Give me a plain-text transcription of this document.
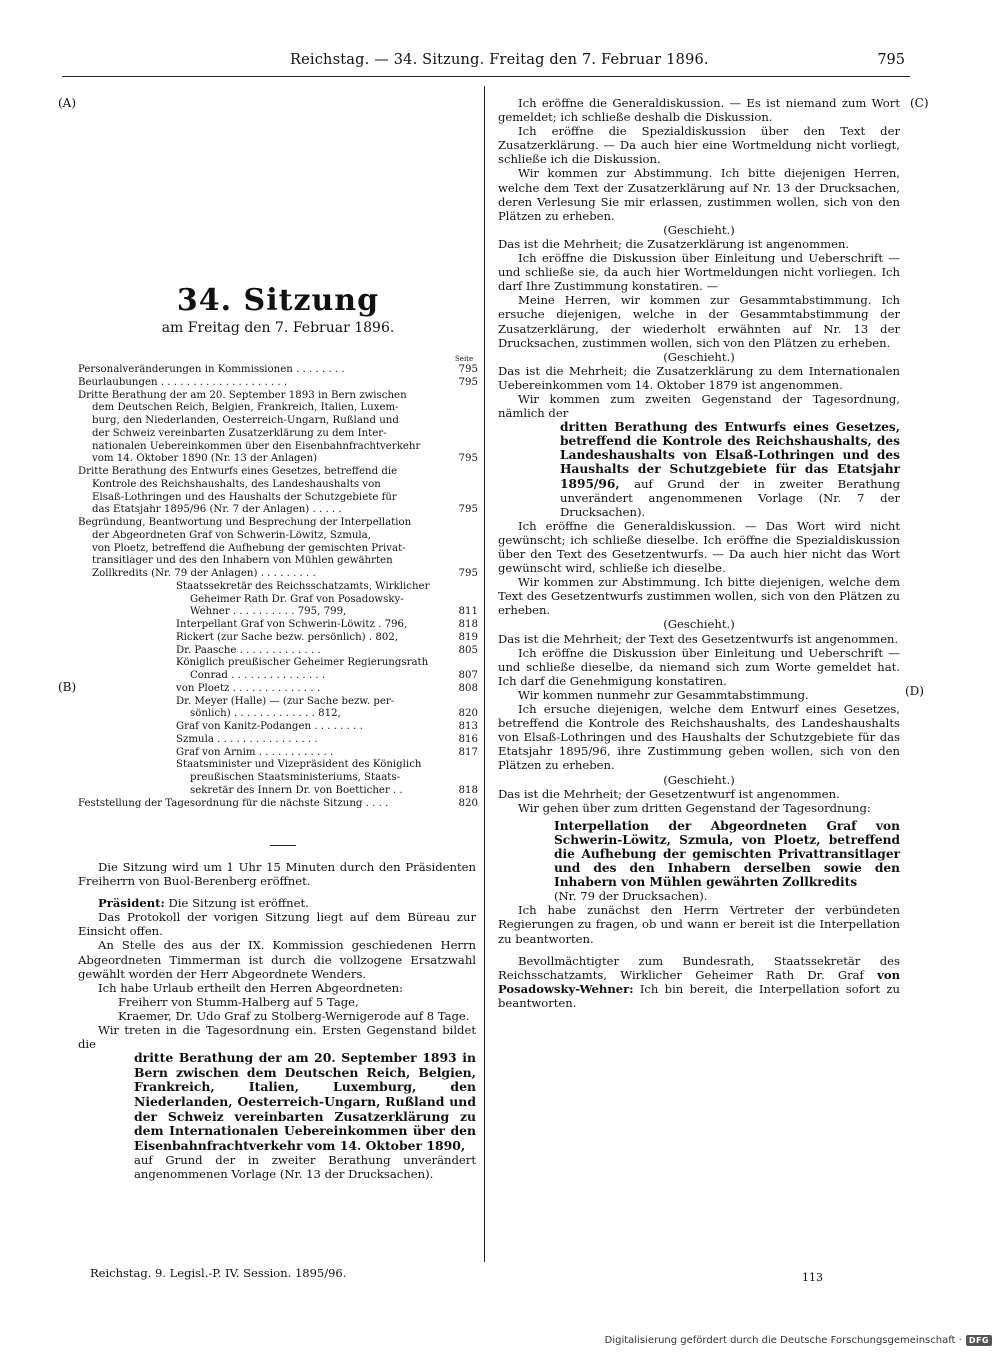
Reichstag. — 34. Sitzung. Freitag den 7. Februar 1896.	795
(A)
(B)
(C)
(D)
34. Sitzung
am Freitag den 7. Februar 1896.
Seite
Personalveränderungen in Kommissionen . . . . . . . .	795
Beurlaubungen . . . . . . . . . . . . . . . . . . . .	795
Dritte Berathung der am 20. September 1893 in Bern zwischen
dem Deutschen Reich, Belgien, Frankreich, Italien, Luxem-
burg, den Niederlanden, Oesterreich-Ungarn, Rußland und
der Schweiz vereinbarten Zusatzerklärung zu dem Inter-
nationalen Uebereinkommen über den Eisenbahnfrachtverkehr
vom 14. Oktober 1890 (Nr. 13 der Anlagen)	795
Dritte Berathung des Entwurfs eines Gesetzes, betreffend die
Kontrole des Reichshaushalts, des Landeshaushalts von
Elsaß-Lothringen und des Haushalts der Schutzgebiete für
das Etatsjahr 1895/96 (Nr. 7 der Anlagen) . . . . .	795
Begründung, Beantwortung und Besprechung der Interpellation
der Abgeordneten Graf von Schwerin-Löwitz, Szmula,
von Ploetz, betreffend die Aufhebung der gemischten Privat-
transitlager und des den Inhabern von Mühlen gewährten
Zollkredits (Nr. 79 der Anlagen) . . . . . . . . .	795
Staatssekretär des Reichsschatzamts, Wirklicher
Geheimer Rath Dr. Graf von Posadowsky-
Wehner . . . . . . . . . . 795, 799,	811
Interpellant Graf von Schwerin-Löwitz . 796,	818
Rickert (zur Sache bezw. persönlich) . 802,	819
Dr. Paasche . . . . . . . . . . . . .	805
Königlich preußischer Geheimer Regierungsrath
Conrad . . . . . . . . . . . . . . .	807
von Ploetz . . . . . . . . . . . . . .	808
Dr. Meyer (Halle) — (zur Sache bezw. per-
sönlich) . . . . . . . . . . . . . 812,	820
Graf von Kanitz-Podangen . . . . . . . .	813
Szmula . . . . . . . . . . . . . . . .	816
Graf von Arnim . . . . . . . . . . . .	817
Staatsminister und Vizepräsident des Königlich
preußischen Staatsministeriums, Staats-
sekretär des Innern Dr. von Boetticher . .	818
Feststellung der Tagesordnung für die nächste Sitzung . . . .	820

Die Sitzung wird um 1 Uhr 15 Minuten durch den Präsidenten Freiherrn von Buol-Berenberg eröffnet.

Präsident: Die Sitzung ist eröffnet.

Das Protokoll der vorigen Sitzung liegt auf dem Büreau zur Einsicht offen.

An Stelle des aus der IX. Kommission geschiedenen Herrn Abgeordneten Timmerman ist durch die vollzogene Ersatzwahl gewählt worden der Herr Abgeordnete Wenders.

Ich habe Urlaub ertheilt den Herren Abgeordneten:

Freiherr von Stumm-Halberg auf 5 Tage,

Kraemer, Dr. Udo Graf zu Stolberg-Wernigerode auf 8 Tage.

Wir treten in die Tagesordnung ein. Ersten Gegenstand bildet die

dritte Berathung der am 20. September 1893 in Bern zwischen dem Deutschen Reich, Belgien, Frankreich, Italien, Luxemburg, den Niederlanden, Oesterreich-Ungarn, Rußland und der Schweiz vereinbarten Zusatzerklärung zu dem Internationalen Uebereinkommen über den Eisenbahnfrachtverkehr vom 14. Oktober 1890,

auf Grund der in zweiter Berathung unverändert angenommenen Vorlage (Nr. 13 der Drucksachen).

Reichstag. 9. Legisl.-P. IV. Session. 1895/96.

Ich eröffne die Generaldiskussion. — Es ist niemand zum Wort gemeldet; ich schließe deshalb die Diskussion.

Ich eröffne die Spezialdiskussion über den Text der Zusatzerklärung. — Da auch hier eine Wortmeldung nicht vorliegt, schließe ich die Diskussion.

Wir kommen zur Abstimmung. Ich bitte diejenigen Herren, welche dem Text der Zusatzerklärung auf Nr. 13 der Drucksachen, deren Verlesung Sie mir erlassen, zustimmen wollen, sich von den Plätzen zu erheben.

(Geschieht.)

Das ist die Mehrheit; die Zusatzerklärung ist angenommen.

Ich eröffne die Diskussion über Einleitung und Ueberschrift — und schließe sie, da auch hier Wortmeldungen nicht vorliegen. Ich darf Ihre Zustimmung konstatiren. —

Meine Herren, wir kommen zur Gesammtabstimmung. Ich ersuche diejenigen, welche in der Gesammtabstimmung der Zusatzerklärung, der wiederholt erwähnten auf Nr. 13 der Drucksachen, zustimmen wollen, sich von den Plätzen zu erheben.

(Geschieht.)

Das ist die Mehrheit; die Zusatzerklärung zu dem Internationalen Uebereinkommen vom 14. Oktober 1879 ist angenommen.

Wir kommen zum zweiten Gegenstand der Tagesordnung, nämlich der

dritten Berathung des Entwurfs eines Gesetzes, betreffend die Kontrole des Reichshaushalts, des Landeshaushalts von Elsaß-Lothringen und des Haushalts der Schutzgebiete für das Etatsjahr 1895/96, auf Grund der in zweiter Berathung unverändert angenommenen Vorlage (Nr. 7 der Drucksachen).

Ich eröffne die Generaldiskussion. — Das Wort wird nicht gewünscht; ich schließe dieselbe. Ich eröffne die Spezialdiskussion über den Text des Gesetzentwurfs. — Da auch hier nicht das Wort gewünscht wird, schließe ich dieselbe.

Wir kommen zur Abstimmung. Ich bitte diejenigen, welche dem Text des Gesetzentwurfs zustimmen wollen, sich von den Plätzen zu erheben.

(Geschieht.)

Das ist die Mehrheit; der Text des Gesetzentwurfs ist angenommen.

Ich eröffne die Diskussion über Einleitung und Ueberschrift — und schließe dieselbe, da niemand sich zum Worte gemeldet hat. Ich darf die Genehmigung konstatiren.

Wir kommen nunmehr zur Gesammtabstimmung.

Ich ersuche diejenigen, welche dem Entwurf eines Gesetzes, betreffend die Kontrole des Reichshaushalts, des Landeshaushalts von Elsaß-Lothringen und des Haushalts der Schutzgebiete für das Etatsjahr 1895/96, ihre Zustimmung geben wollen, sich von den Plätzen zu erheben.

(Geschieht.)

Das ist die Mehrheit; der Gesetzentwurf ist angenommen.

Wir gehen über zum dritten Gegenstand der Tagesordnung:

Interpellation der Abgeordneten Graf von Schwerin-Löwitz, Szmula, von Ploetz, betreffend die Aufhebung der gemischten Privattransitlager und des den Inhabern derselben sowie den Inhabern von Mühlen gewährten Zollkredits
(Nr. 79 der Drucksachen).

Ich habe zunächst den Herrn Vertreter der verbündeten Regierungen zu fragen, ob und wann er bereit ist die Interpellation zu beantworten.

Bevollmächtigter zum Bundesrath, Staatssekretär des Reichsschatzamts, Wirklicher Geheimer Rath Dr. Graf von Posadowsky-Wehner: Ich bin bereit, die Interpellation sofort zu beantworten.

113
Digitalisierung gefördert durch die Deutsche Forschungsgemeinschaft · DFG
